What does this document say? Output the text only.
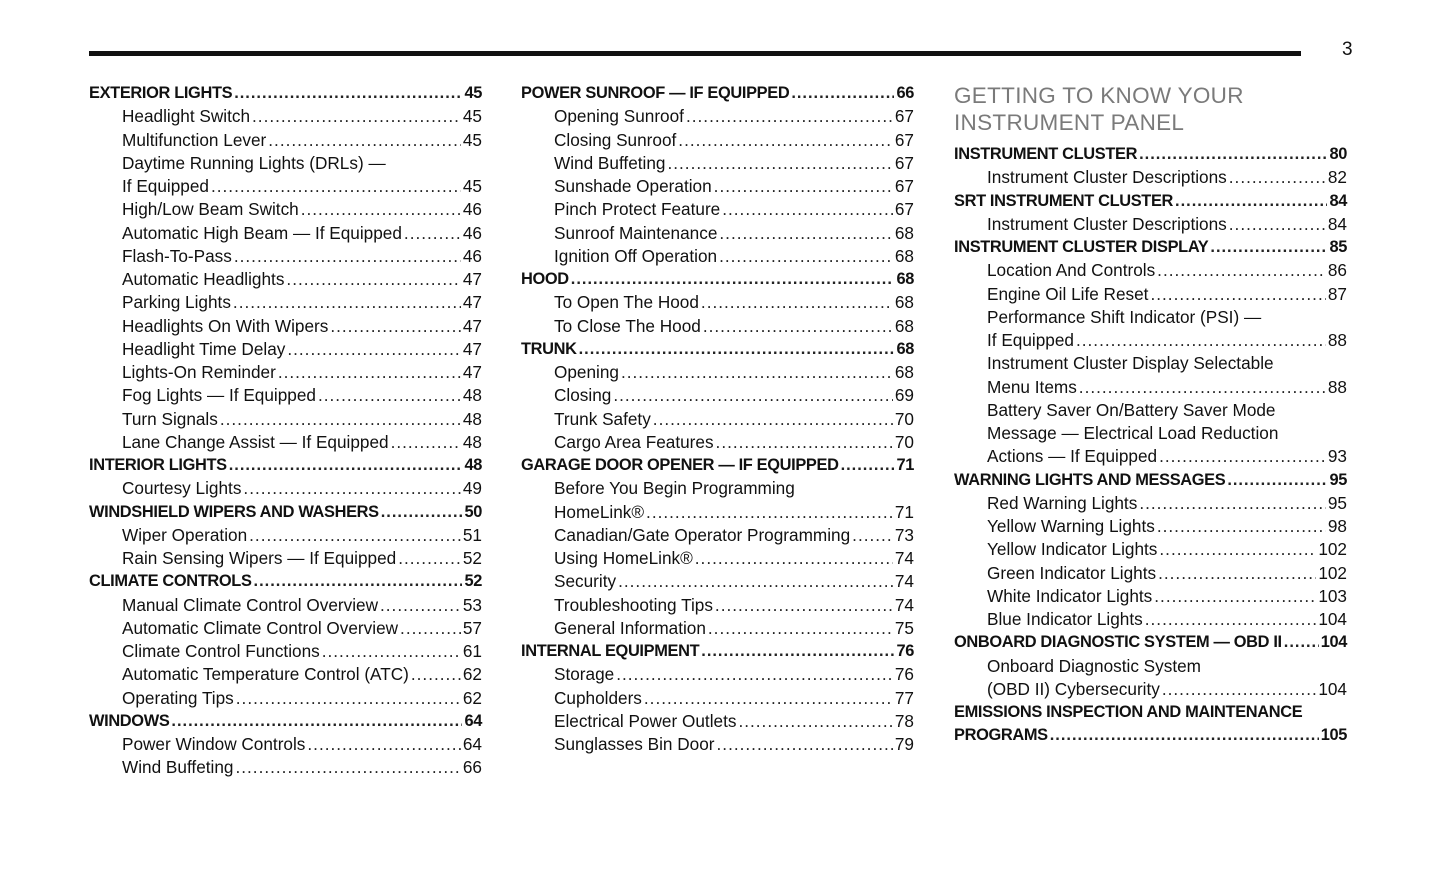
3
EXTERIOR LIGHTS .....	45
Headlight Switch .....	45
Multifunction Lever .....	45
Daytime Running Lights (DRLs) —
If Equipped .....	45
High/Low Beam Switch .....	46
Automatic High Beam — If Equipped .....	46
Flash-To-Pass .....	46
Automatic Headlights .....	47
Parking Lights .....	47
Headlights On With Wipers .....	47
Headlight Time Delay .....	47
Lights-On Reminder .....	47
Fog Lights — If Equipped .....	48
Turn Signals .....	48
Lane Change Assist — If Equipped .....	48
INTERIOR LIGHTS .....	48
Courtesy Lights .....	49
WINDSHIELD WIPERS AND WASHERS .....	50
Wiper Operation .....	51
Rain Sensing Wipers — If Equipped .....	52
CLIMATE CONTROLS .....	52
Manual Climate Control Overview .....	53
Automatic Climate Control Overview .....	57
Climate Control Functions .....	61
Automatic Temperature Control (ATC) .....	62
Operating Tips .....	62
WINDOWS .....	64
Power Window Controls .....	64
Wind Buffeting .....	66
POWER SUNROOF — IF EQUIPPED .....	66
Opening Sunroof .....	67
Closing Sunroof .....	67
Wind Buffeting .....	67
Sunshade Operation .....	67
Pinch Protect Feature .....	67
Sunroof Maintenance .....	68
Ignition Off Operation .....	68
HOOD .....	68
To Open The Hood .....	68
To Close The Hood .....	68
TRUNK .....	68
Opening .....	68
Closing .....	69
Trunk Safety .....	70
Cargo Area Features .....	70
GARAGE DOOR OPENER — IF EQUIPPED .....	71
Before You Begin Programming
HomeLink® .....	71
Canadian/Gate Operator Programming .....	73
Using HomeLink® .....	74
Security .....	74
Troubleshooting Tips .....	74
General Information .....	75
INTERNAL EQUIPMENT .....	76
Storage .....	76
Cupholders .....	77
Electrical Power Outlets .....	78
Sunglasses Bin Door .....	79
GETTING TO KNOW YOUR
INSTRUMENT PANEL
INSTRUMENT CLUSTER .....	80
Instrument Cluster Descriptions .....	82
SRT INSTRUMENT CLUSTER .....	84
Instrument Cluster Descriptions .....	84
INSTRUMENT CLUSTER DISPLAY .....	85
Location And Controls .....	86
Engine Oil Life Reset .....	87
Performance Shift Indicator (PSI) —
If Equipped .....	88
Instrument Cluster Display Selectable
Menu Items .....	88
Battery Saver On/Battery Saver Mode
Message — Electrical Load Reduction
Actions — If Equipped .....	93
WARNING LIGHTS AND MESSAGES .....	95
Red Warning Lights .....	95
Yellow Warning Lights .....	98
Yellow Indicator Lights .....	102
Green Indicator Lights .....	102
White Indicator Lights .....	103
Blue Indicator Lights .....	104
ONBOARD DIAGNOSTIC SYSTEM — OBD II ..... 104
Onboard Diagnostic System
(OBD II) Cybersecurity .....	104
EMISSIONS INSPECTION AND MAINTENANCE
PROGRAMS .....	105
